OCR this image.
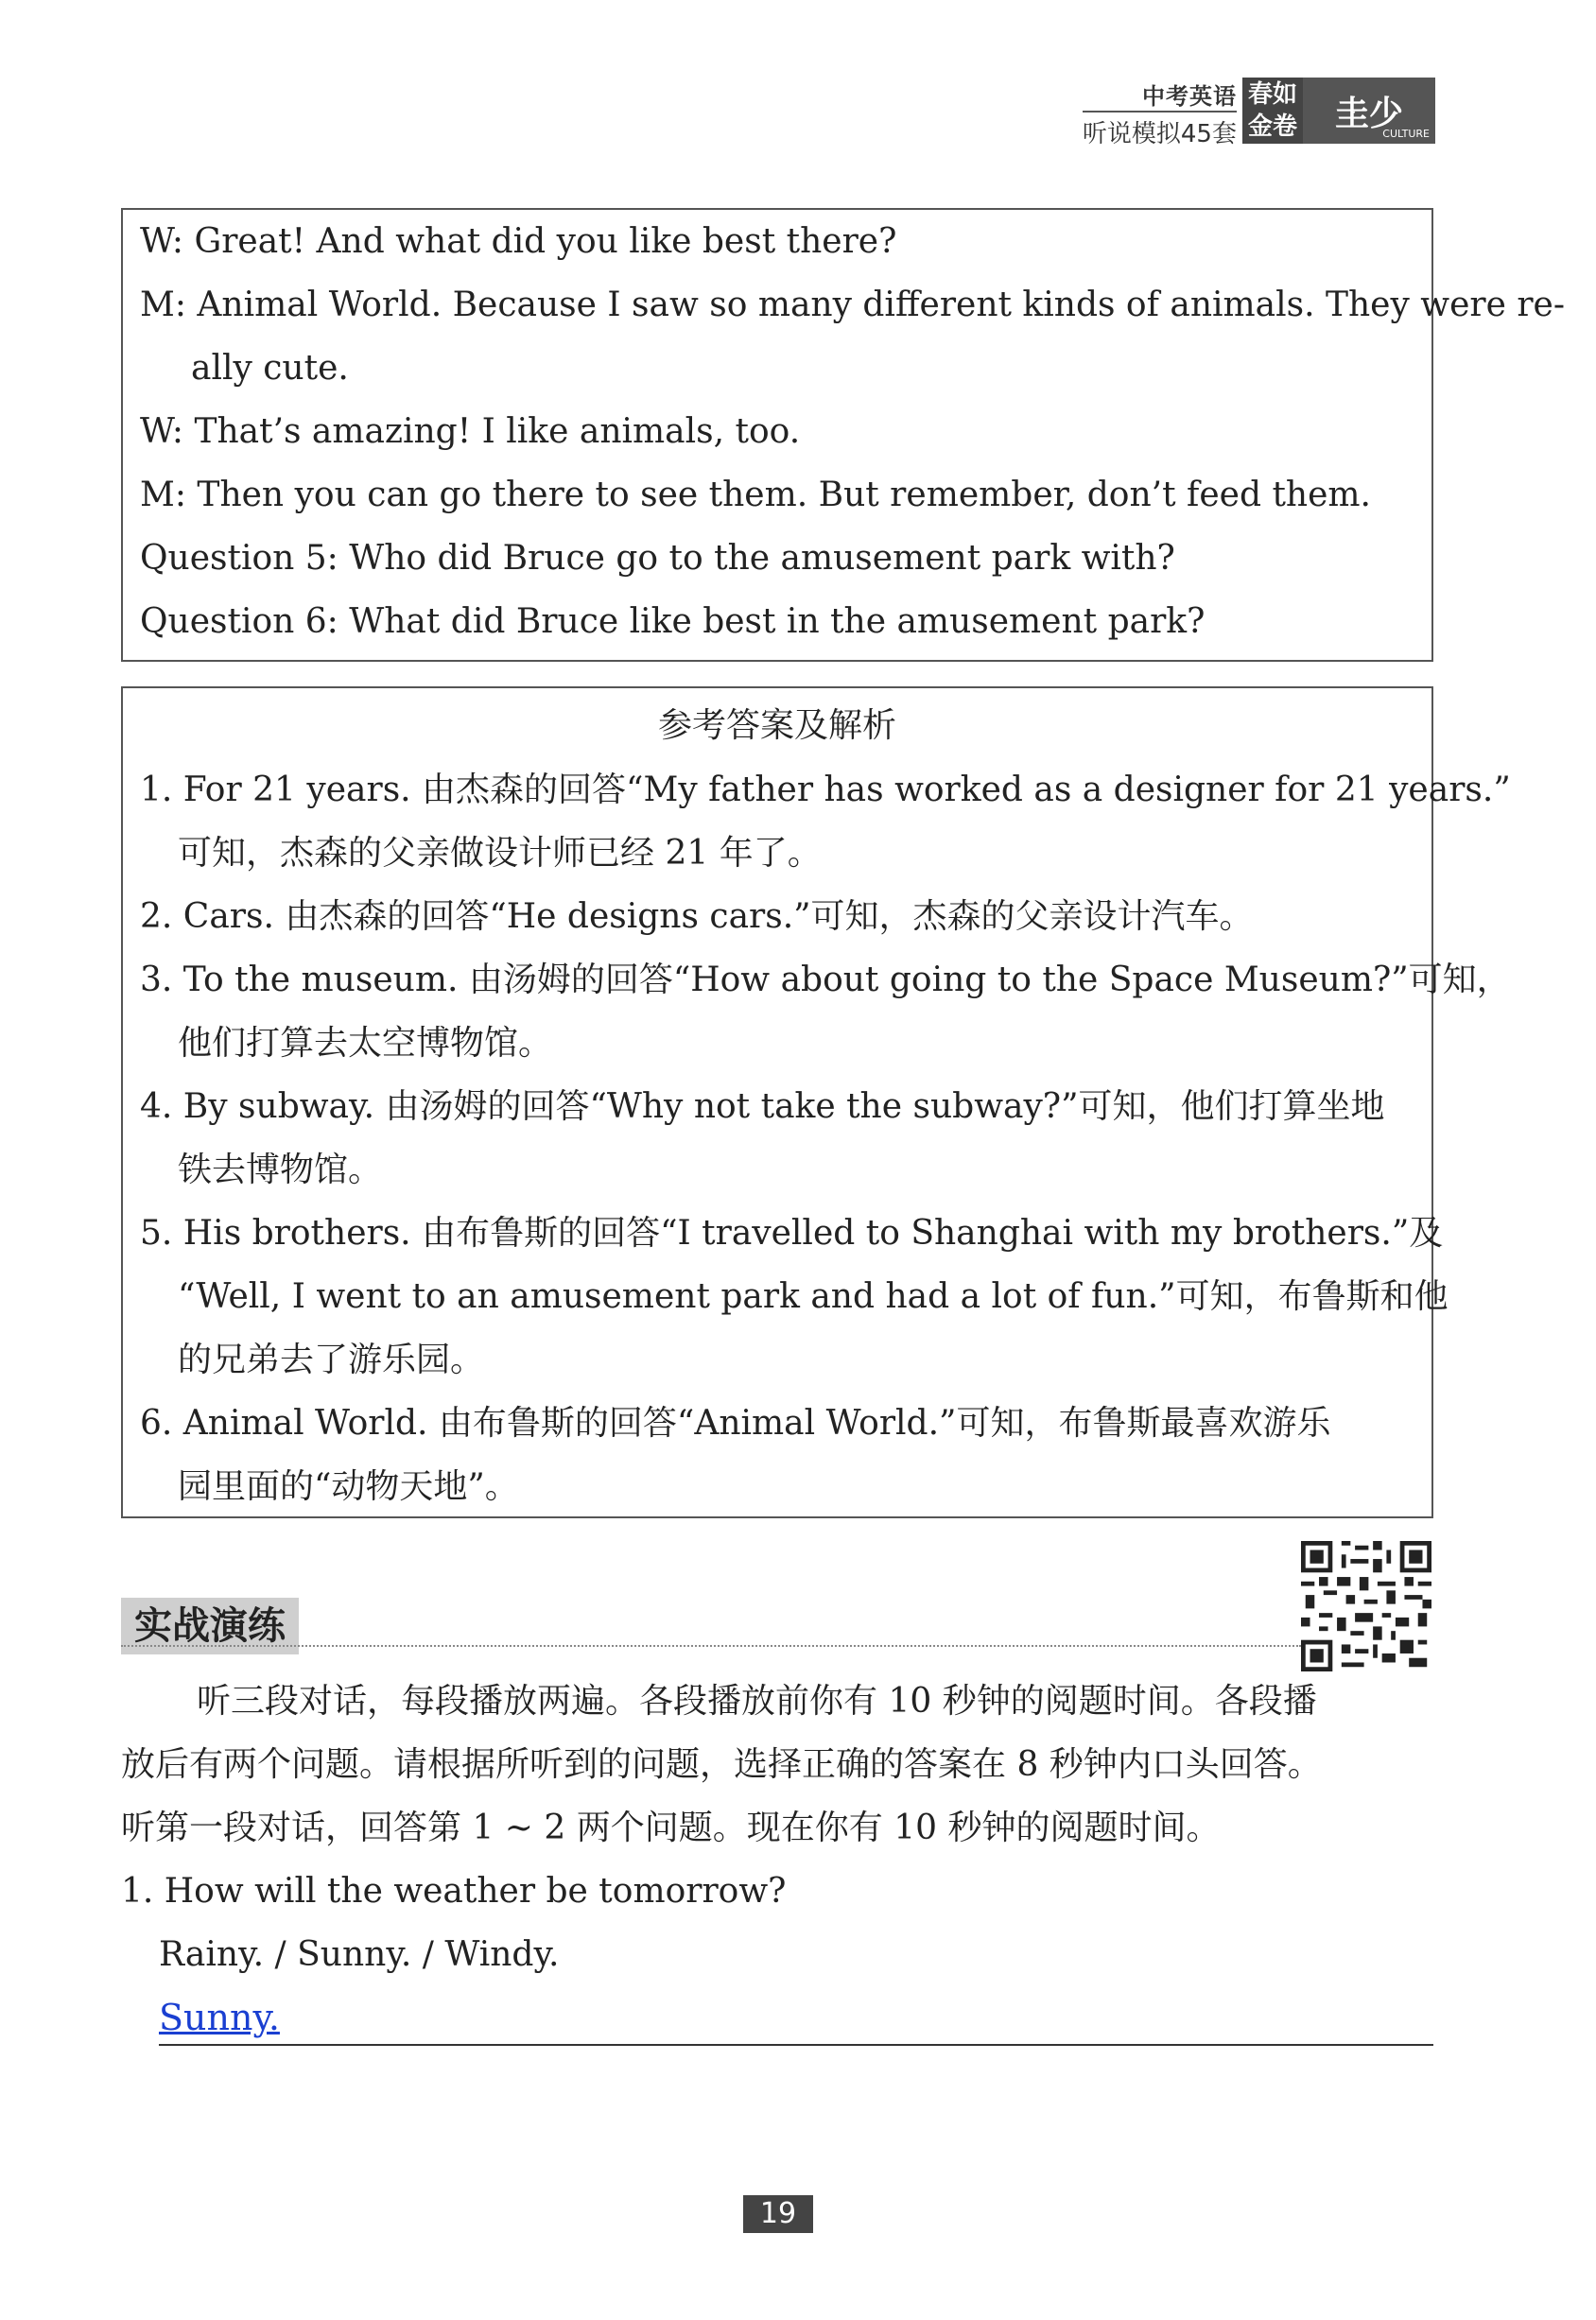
中考英语
听说模拟45套
春如
金卷 圭少
CULTURE
W: Great! And what did you like best there?
M: Animal World. Because I saw so many different kinds of animals. They were re-
ally cute.
W: That’s amazing! I like animals, too.
M: Then you can go there to see them. But remember, don’t feed them.
Question 5: Who did Bruce go to the amusement park with?
Question 6: What did Bruce like best in the amusement park?
参考答案及解析
1. For 21 years. 由杰森的回答“My father has worked as a designer for 21 years.”
可知，杰森的父亲做设计师已经 21 年了。
2. Cars. 由杰森的回答“He designs cars.”可知，杰森的父亲设计汽车。
3. To the museum. 由汤姆的回答“How about going to the Space Museum?”可知，
他们打算去太空博物馆。
4. By subway. 由汤姆的回答“Why not take the subway?”可知，他们打算坐地
铁去博物馆。
5. His brothers. 由布鲁斯的回答“I travelled to Shanghai with my brothers.”及
“Well, I went to an amusement park and had a lot of fun.”可知，布鲁斯和他
的兄弟去了游乐园。
6. Animal World. 由布鲁斯的回答“Animal World.”可知，布鲁斯最喜欢游乐
园里面的“动物天地”。
实战演练
听三段对话，每段播放两遍。各段播放前你有 10 秒钟的阅题时间。各段播
放后有两个问题。请根据所听到的问题，选择正确的答案在 8 秒钟内口头回答。
听第一段对话，回答第 1 ~ 2 两个问题。现在你有 10 秒钟的阅题时间。
1. How will the weather be tomorrow?
Rainy. / Sunny. / Windy.
Sunny.
19
